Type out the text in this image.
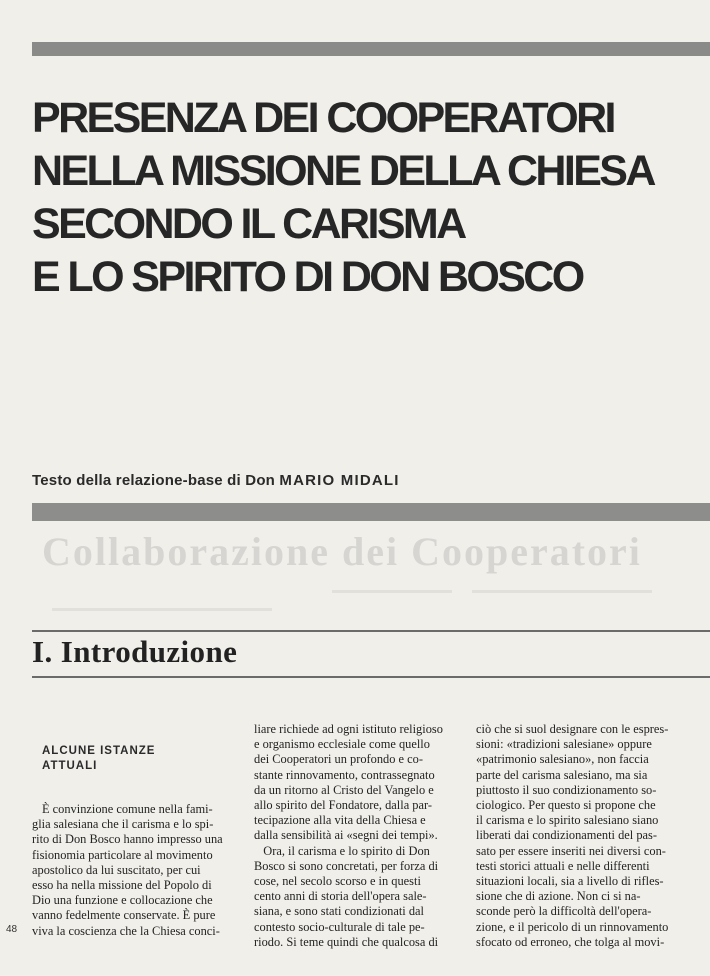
PRESENZA DEI COOPERATORI
NELLA MISSIONE DELLA CHIESA
SECONDO IL CARISMA
E LO SPIRITO DI DON BOSCO

Testo della relazione-base di Don MARIO MIDALI

Collaborazione dei Cooperatori

I. Introduzione
ALCUNE ISTANZE
ATTUALI
È convinzione comune nella fami-
glia salesiana che il carisma e lo spi-
rito di Don Bosco hanno impresso una
fisionomia particolare al movimento
apostolico da lui suscitato, per cui
esso ha nella missione del Popolo di
Dio una funzione e collocazione che
vanno fedelmente conservate. È pure
viva la coscienza che la Chiesa conci-
liare richiede ad ogni istituto religioso
e organismo ecclesiale come quello
dei Cooperatori un profondo e co-
stante rinnovamento, contrassegnato
da un ritorno al Cristo del Vangelo e
allo spirito del Fondatore, dalla par-
tecipazione alla vita della Chiesa e
dalla sensibilità ai «segni dei tempi».
Ora, il carisma e lo spirito di Don
Bosco si sono concretati, per forza di
cose, nel secolo scorso e in questi
cento anni di storia dell'opera sale-
siana, e sono stati condizionati dal
contesto socio-culturale di tale pe-
riodo. Si teme quindi che qualcosa di
ciò che si suol designare con le espres-
sioni: «tradizioni salesiane» oppure
«patrimonio salesiano», non faccia
parte del carisma salesiano, ma sia
piuttosto il suo condizionamento so-
ciologico. Per questo si propone che
il carisma e lo spirito salesiano siano
liberati dai condizionamenti del pas-
sato per essere inseriti nei diversi con-
testi storici attuali e nelle differenti
situazioni locali, sia a livello di rifles-
sione che di azione. Non ci si na-
sconde però la difficoltà dell'opera-
zione, e il pericolo di un rinnovamento
sfocato od erroneo, che tolga al movi-
48
